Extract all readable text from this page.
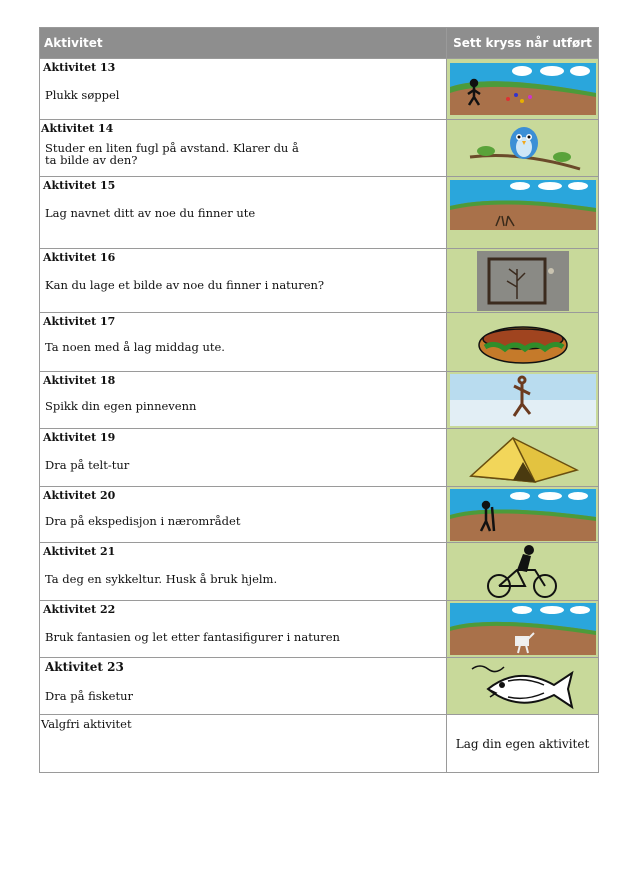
Aktivitet	Sett kryss når utført

Aktivitet 13
Plukk søppel

Aktivitet 14
Studer en liten fugl på avstand. Klarer du å ta bilde av den?

Aktivitet 15
Lag navnet ditt av noe du finner ute

Aktivitet 16
Kan du lage et bilde av noe du finner i naturen?

Aktivitet 17
Ta noen med å lag middag ute.

Aktivitet 18
Spikk din egen pinnevenn

Aktivitet 19
Dra på telt-tur

Aktivitet 20
Dra på ekspedisjon i nærområdet

Aktivitet 21
Ta deg en sykkeltur. Husk å bruk hjelm.

Aktivitet 22
Bruk fantasien og let etter fantasifigurer i naturen

Aktivitet 23
Dra på fisketur

Valgfri aktivitet	Lag din egen aktivitet
